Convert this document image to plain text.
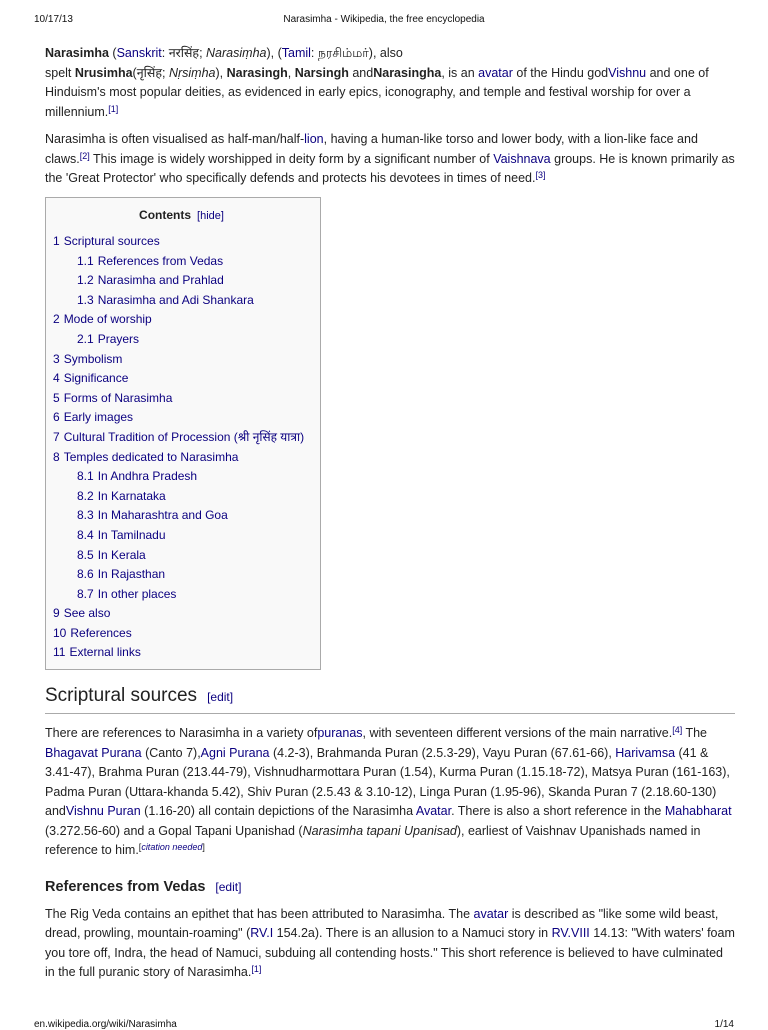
10/17/13	Narasimha - Wikipedia, the free encyclopedia

Narasimha (Sanskrit: नरसिंह; Narasiṃha), (Tamil: நரசிம்மர்), also
spelt Nrusimha(नृसिंह; Nṛsiṃha), Narasingh, Narsingh andNarasingha, is an avatar of the Hindu godVishnu and one of Hinduism's most popular deities, as evidenced in early epics, iconography, and temple and festival worship for over a millennium.[1]

Narasimha is often visualised as half-man/half-lion, having a human-like torso and lower body, with a lion-like face and claws.[2] This image is widely worshipped in deity form by a significant number of Vaishnava groups. He is known primarily as the 'Great Protector' who specifically defends and protects his devotees in times of need.[3]

Contents [hide]
1 Scriptural sources
1.1 References from Vedas
1.2 Narasimha and Prahlad
1.3 Narasimha and Adi Shankara
2 Mode of worship
2.1 Prayers
3 Symbolism
4 Significance
5 Forms of Narasimha
6 Early images
7 Cultural Tradition of Procession (श्री नृसिंह यात्रा)
8 Temples dedicated to Narasimha
8.1 In Andhra Pradesh
8.2 In Karnataka
8.3 In Maharashtra and Goa
8.4 In Tamilnadu
8.5 In Kerala
8.6 In Rajasthan
8.7 In other places
9 See also
10 References
11 External links
Scriptural sources [edit]

There are references to Narasimha in a variety ofpuranas, with seventeen different versions of the main narrative.[4] The Bhagavat Purana (Canto 7),Agni Purana (4.2-3), Brahmanda Puran (2.5.3-29), Vayu Puran (67.61-66), Harivamsa (41 & 3.41-47), Brahma Puran (213.44-79), Vishnudharmottara Puran (1.54), Kurma Puran (1.15.18-72), Matsya Puran (161-163), Padma Puran (Uttara-khanda 5.42), Shiv Puran (2.5.43 & 3.10-12), Linga Puran (1.95-96), Skanda Puran 7 (2.18.60-130) andVishnu Puran (1.16-20) all contain depictions of the Narasimha Avatar. There is also a short reference in the Mahabharat (3.272.56-60) and a Gopal Tapani Upanishad (Narasimha tapani Upanisad), earliest of Vaishnav Upanishads named in reference to him.[citation needed]

References from Vedas [edit]

The Rig Veda contains an epithet that has been attributed to Narasimha. The avatar is described as "like some wild beast, dread, prowling, mountain-roaming" (RV.I 154.2a). There is an allusion to a Namuci story in RV.VIII 14.13: "With waters' foam you tore off, Indra, the head of Namuci, subduing all contending hosts." This short reference is believed to have culminated in the full puranic story of Narasimha.[1]

en.wikipedia.org/wiki/Narasimha	1/14
